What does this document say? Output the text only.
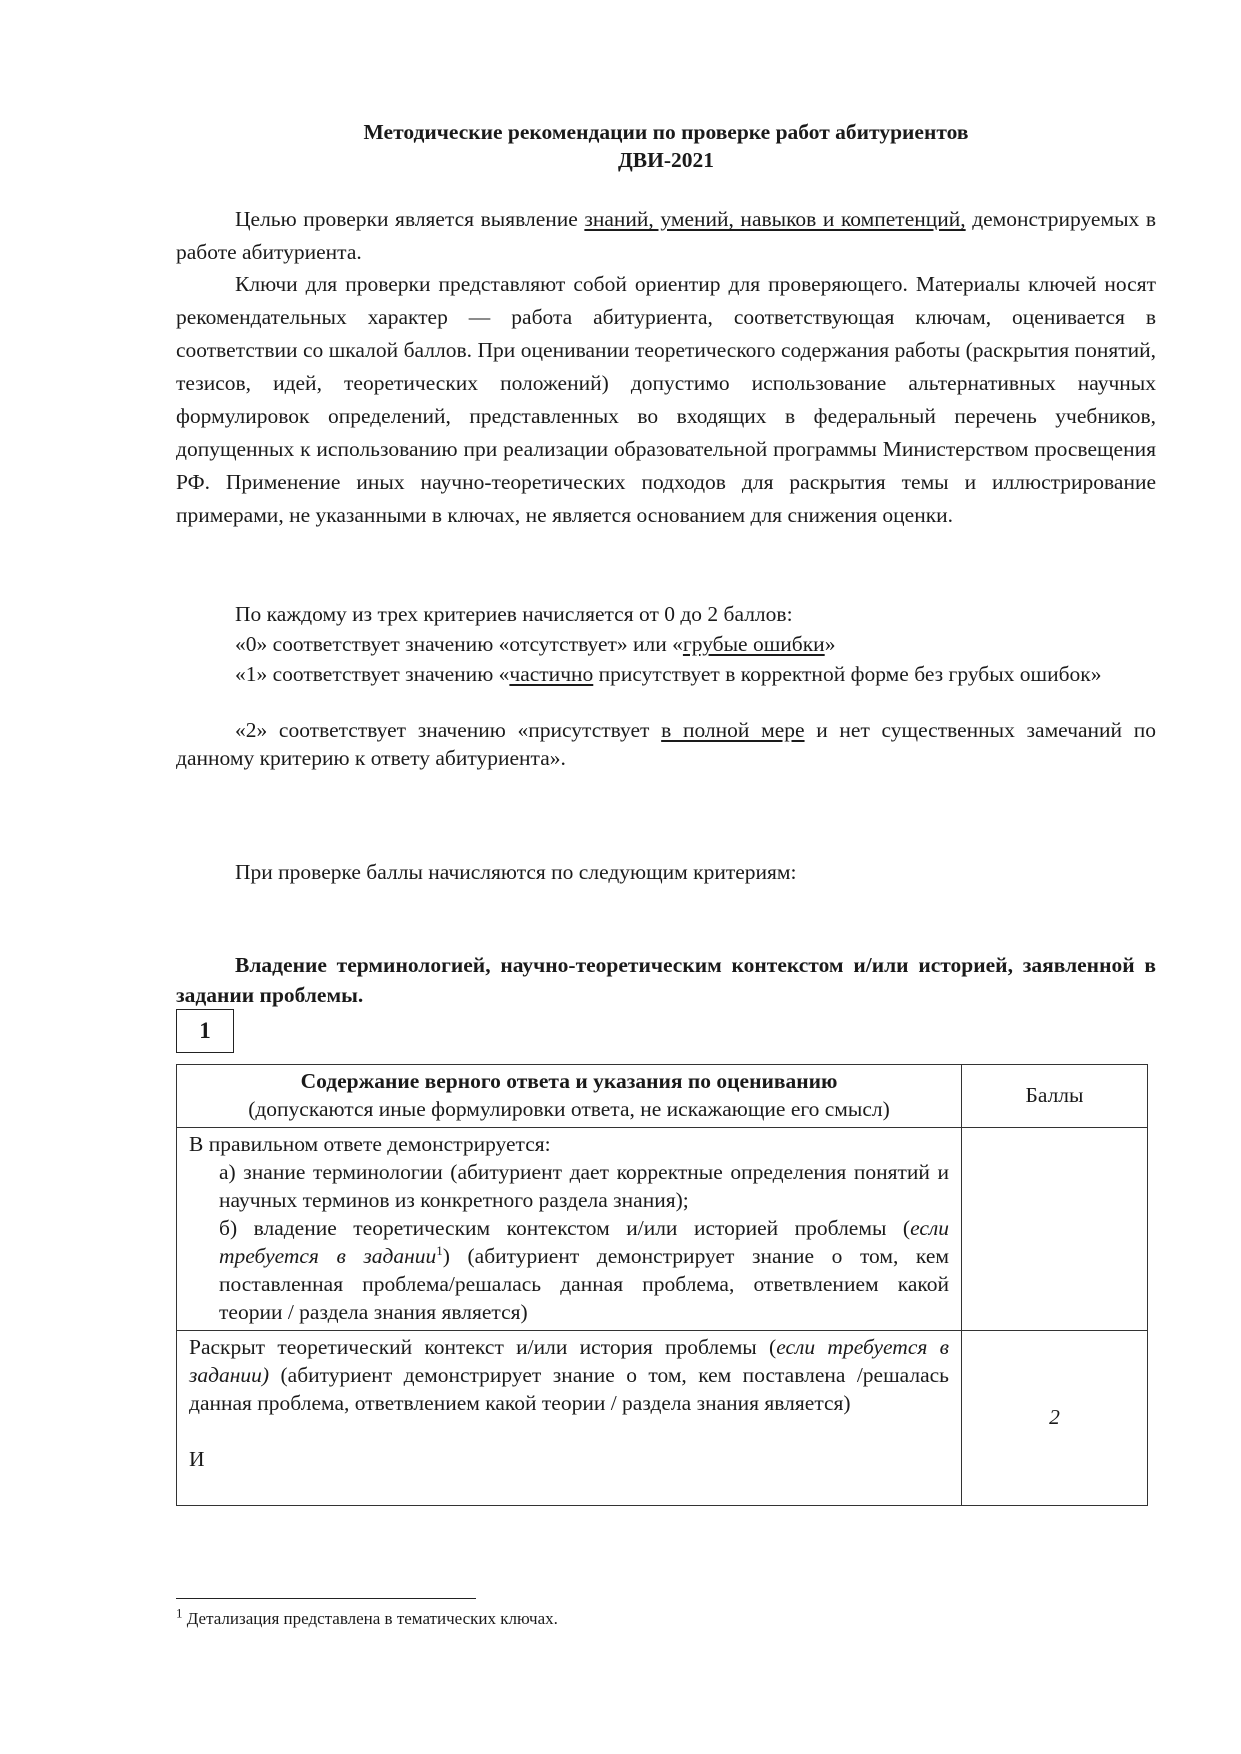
Методические рекомендации по проверке работ абитуриентов
ДВИ-2021
Целью проверки является выявление знаний, умений, навыков и компетенций, демонстрируемых в работе абитуриента.
Ключи для проверки представляют собой ориентир для проверяющего. Материалы ключей носят рекомендательных характер — работа абитуриента, соответствующая ключам, оценивается в соответствии со шкалой баллов. При оценивании теоретического содержания работы (раскрытия понятий, тезисов, идей, теоретических положений) допустимо использование альтернативных научных формулировок определений, представленных во входящих в федеральный перечень учебников, допущенных к использованию при реализации образовательной программы Министерством просвещения РФ. Применение иных научно-теоретических подходов для раскрытия темы и иллюстрирование примерами, не указанными в ключах, не является основанием для снижения оценки.
По каждому из трех критериев начисляется от 0 до 2 баллов:
«0» соответствует значению «отсутствует» или «грубые ошибки»
«1» соответствует значению «частично присутствует в корректной форме без грубых ошибок»
«2» соответствует значению «присутствует в полной мере и нет существенных замечаний по данному критерию к ответу абитуриента».
При проверке баллы начисляются по следующим критериям:
Владение терминологией, научно-теоретическим контекстом и/или историей, заявленной в задании проблемы.
1
Содержание верного ответа и указания по оцениванию
(допускаются иные формулировки ответа, не искажающие его смысл)	Баллы

В правильном ответе демонстрируется:
а) знание терминологии (абитуриент дает корректные определения понятий и научных терминов из конкретного раздела знания);
б) владение теоретическим контекстом и/или историей проблемы (если требуется в задании$^1$) (абитуриент демонстрирует знание о том, кем поставленная проблема/решалась данная проблема, ответвлением какой теории / раздела знания является)	

Раскрыт теоретический контекст и/или история проблемы (если требуется в задании) (абитуриент демонстрирует знание о том, кем поставлена /решалась данная проблема, ответвлением какой теории / раздела знания является)
И	2
$^1$ Детализация представлена в тематических ключах.
